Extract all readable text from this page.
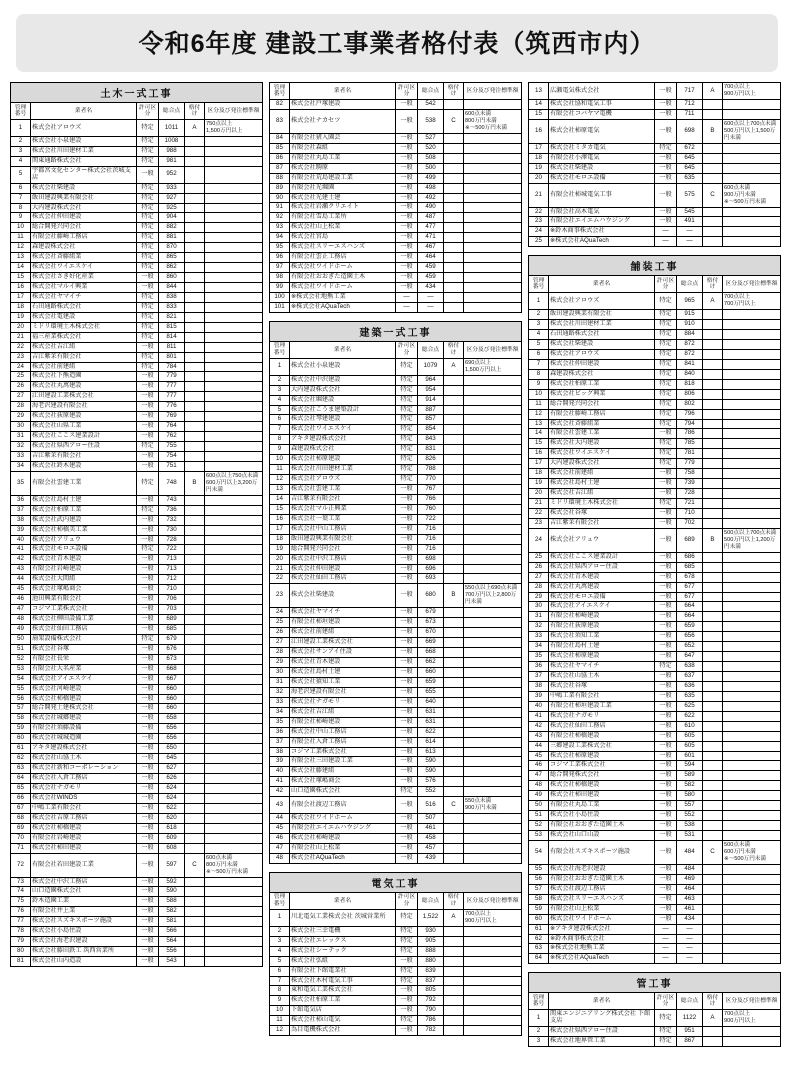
令和6年度 建設工事業者格付表（筑西市内）
土木一式工事
管理番号	業者名	許可区分	総合点	格付け	区分及び発注標準額
1	株式会社アロウズ	特定	1011	A	750点以上
1,500万円以上
2	株式会社小泉建設	特定	1008		
3	株式会社川田建材工業	特定	988		
4	関東通路株式会社	特定	981		
5	宇都宮文化センター株式会社茨城支店	一般	952		
6	株式会社柴建設	特定	933		
7	飯田建設興業有限会社	特定	927		
8	大内建設株式会社	特定	925		
9	株式会社仲田建設	特定	904		
10	総合開発兴同会社	特定	882		
11	有限会社藤崎工務店	特定	881		
12	森建設株式会社	特定	870		
13	株式会社斉藤組業	特定	865		
14	株式会社ワイエスケイ	特定	862		
15	株式会社さき好化産業	一般	860		
16	株式会社マルイ興業	一般	844		
17	株式会社ヤマイチ	特定	838		
18	石田通路株式会社	特定	833		
19	株式会社電建設	特定	821		
20	ミドリ環境土木株式会社	特定	815		
21	福三産業株式会社	特定	814		
22	株式会社吉江組	一般	811		
23	吉江紫茉有限会社	特定	801		
24	株式会社前建組	特定	784		
25	株式会社下熊造園	一般	779		
26	株式会社丸萬建設	一般	777		
27	江田建設工業株式会社	一般	777		
28	海老沢建設有限会社	一般	776		
29	株式会社荻原建設	一般	769		
30	株式会社山県工業	一般	764		
31	株式会社ここス建業設計	一般	762		
32	株式会社県西アロー住設	特定	755		
33	吉江紫茉有限会社	一般	754		
34	株式会社鈴木建設	一般	751		
35	有限会社雲建工業	特定	748	B	600点以上750点未満
600万円以上3,200万円未満
36	株式会社島村土建	一般	743		
37	株式会社柏原工業	特定	736		
38	株式会社武内建設	一般	732		
39	株式会社柿橋美工業	一般	730		
40	株式会社アリュウ	一般	728		
41	株式会社モロエ設備	特定	722		
42	株式会社青木建設	一般	713		
43	有限会社岩崎建設	一般	713		
44	株式会社大間組	一般	712		
45	株式会社塚嶋商会	一般	710		
46	池田興業有限会社	一般	706		
47	コジマ工業株式会社	一般	703		
48	株式会社柳田設備工業	一般	689		
49	株式会社仙田工務店	一般	685		
50	扇架設備株式会社	特定	679		
51	株式会社谷塚	一般	676		
52	有限会社長栄	一般	673		
53	有限会社大名産業	一般	668		
54	株式会社アイエスケイ	一般	667		
55	株式会社河崎建設	一般	660		
56	株式会社柿橋建設	一般	660		
57	総合開発土建株式会社	一般	660		
58	株式会社城郷建設	一般	658		
59	有限会社須藤設備	一般	656		
60	株式会社城城造園	一般	656		
61	アキタ建設株式会社	一般	650		
62	株式会社山協土木	一般	645		
63	株式会社新和コーポレーション	一般	627		
64	株式会社入倉工務店	一般	626		
65	株式会社ナガモリ	一般	624		
66	株式会社WINDS	一般	624		
67	中嶋工業有限会社	一般	622		
68	株式会社吉原工務店	一般	620		
69	株式会社柿橋建設	一般	618		
70	有限会社岩崎建設	一般	609		
71	株式会社柿田建設	一般	608		
72	有限会社若田建設工業	一般	597	C	600点未満
800万円未満
※～500万円未満
73	株式会社中沢工務店	一般	592		
74	山口造園株式会社	一般	590		
75	鈴木造園工業	一般	588		
76	有限会社井上業	一般	582		
77	株式会社スズキスポーツ施設	一般	581		
78	株式会社小島住設	一般	566		
79	株式会社海老沢建設	一般	564		
80	株式会社藤田鉄工 筑西営業所	一般	556		
81	株式会社山内造設	一般	543		
管理番号	業者名	許可区分	総合点	格付け	区分及び発注標準額
82	株式会社戸塚建設	一般	542		
83	株式会社ナカセツ	一般	538	C	600点未満
800万円未満
※～500万円未満
84	有限会社猪入園芸	一般	527		
85	有限会社森組	一般	520		
86	有限会社丸島工業	一般	508		
87	株式会社駒原	一般	500		
88	有限会社荒島建設工業	一般	499		
89	有限会社光堀園	一般	498		
90	株式会社光建土建	一般	492		
91	株式会社岩瀬クリエイト	一般	490		
92	有限会社雪島工業所	一般	487		
93	株式会社山上松業	一般	477		
94	株式会社宮島	一般	471		
95	株式会社スリーエスハンズ	一般	467		
96	有限会社雲正工務店	一般	464		
97	株式会社ワイドホーム	一般	459		
98	有限会社おおぎた造園土木	一般	459		
99	株式会社ワイドホーム	一般	434		
100	※株式会社地熊工業	―	―		
101	※株式会社AQuaTech	―	―		
建築一式工事
管理番号	業者名	許可区分	総合点	格付け	区分及び発注標準額
1	株式会社小泉建設	特定	1079	A	690点以上
1,500万円以上
2	株式会社中沢建設	特定	964		
3	大内建設株式会社	特定	954		
4	株式会社堀建設	特定	914		
5	株式会社こうま建築設計	特定	887		
6	株式会社琴建建設	特定	857		
7	株式会社ワイエスケイ	特定	854		
8	アキタ建設株式会社	特定	843		
9	森建設株式会社	特定	831		
10	株式会社柿原建設	特定	826		
11	株式会社川田建材工業	特定	788		
12	株式会社アロウズ	特定	770		
13	株式会社雲建工業	一般	767		
14	吉江紫茉有限会社	一般	766		
15	株式会社マル正興業	一般	760		
16	株式会社一葉工業	一般	722		
17	株式会社中山工務店	一般	716		
18	飯田建設興業有限会社	一般	716		
19	総合開発兴同会社	一般	716		
20	株式会社中沢工務店	一般	698		
21	株式会社仲田建設	一般	696		
22	株式会社仙田工務店	一般	693		
23	株式会社柴建設	一般	680	B	550点以上690点未満
700万円以上2,800万円未満
24	株式会社ヤマイチ	一般	679		
25	有限会社柿垣建設	一般	673		
26	株式会社前建組	一般	670		
27	江田建設工業株式会社	一般	669		
28	株式会社サンアイ住設	一般	668		
29	株式会社青木建設	一般	662		
30	株式会社島村土建	一般	660		
31	株式会社猿知工業	一般	659		
32	海老沢建設有限会社	一般	655		
33	株式会社ナガモリ	一般	640		
34	株式会社吉江組	一般	631		
35	有限会社柿崎建設	一般	631		
36	株式会社中山工務店	一般	622		
37	有限会社入倉工務店	一般	614		
38	コジマ工業株式会社	一般	613		
39	有限会社三田建設工業	一般	590		
40	株式会社藤建組	一般	590		
41	株式会社塚嶋商会	一般	576		
42	山口造園株式会社	特定	552		
43	有限会社渡辺工務店	一般	516	C	550点未満
900万円未満
44	株式会社ワイドホーム	一般	507		
45	有限会社エイエムハウジング	一般	461		
46	株式会社柿崎建設	一般	458		
47	有限会社山上松業	一般	457		
48	株式会社AQuaTech	一般	439		
電気工事
管理番号	業者名	許可区分	総合点	格付け	区分及び発注標準額
1	川北電気工業株式会社 茨城営業所	特定	1,522	A	700点以上
900万円以上
2	株式会社三幸電機	特定	930		
3	株式会社エレックス	特定	905		
4	株式会社シーテック	特定	888		
5	株式会社弘組	一般	880		
6	有限会社下館電業社	特定	839		
7	株式会社木村電気工事	特定	837		
8	東和電気工業株式会社	一般	805		
9	株式会社柏原工業	一般	792		
10	下館電気店	一般	790		
11	株式会社柿山電気	特定	786		
12	為目電機株式会社	一般	782		
13	広瀬電気株式会社	一般	717	A	700点以上
900万円以上
14	株式会社協和電気工事	一般	712		
15	有限会社コバヤマ電機	一般	711		
16	株式会社柿原電気	一般	698	B	600点以上700点未満
500万円以上1,500万円未満
17	株式会社ミタカ電気	特定	672		
18	有限会社小澤電気	一般	645		
19	株式会社柴建設	一般	645		
20	株式会社モロエ設備	一般	635		
21	有限会社柿城電気工事	一般	575	C	600点未満
900万円未満
※～500万円未満
22	有限会社高木電気	一般	545		
23	有限会社エイエムハウジング	一般	491		
24	※鈴木商事株式会社	―	―		
25	※株式会社AQuaTech	―	―		
舗装工事
管理番号	業者名	許可区分	総合点	格付け	区分及び発注標準額
1	株式会社アロウズ	特定	965	A	700点以上
700万円以上
2	飯田建設興業有限会社	特定	915		
3	株式会社川田建材工業	特定	910		
4	石田通路株式会社	特定	884		
5	株式会社柴建設	特定	872		
6	株式会社アロウズ	特定	872		
7	株式会社仲田建設	特定	841		
8	森建設株式会社	特定	840		
9	株式会社柏原工業	特定	818		
10	株式会社ビッグ興業	特定	806		
11	総合開発兴同会社	特定	802		
12	有限会社藤崎工務店	特定	796		
13	株式会社斉藤組業	特定	794		
14	有限会社雲建工業	一般	786		
15	株式会社大内建設	特定	785		
16	株式会社ワイエスケイ	特定	781		
17	大内建設株式会社	特定	779		
18	株式会社前建組	一般	758		
19	株式会社島村土建	一般	739		
20	株式会社吉江組	一般	728		
21	ミドリ環境土木株式会社	特定	721		
22	株式会社谷塚	一般	710		
23	吉江紫茉有限会社	一般	702		
24	株式会社アリュウ	一般	689	B	500点以上700点未満
500万円以上1,200万円未満
25	株式会社ここス建業設計	一般	686		
26	株式会社県西アロー住設	一般	685		
27	株式会社青木建設	一般	678		
28	株式会社丸萬建設	一般	677		
29	株式会社モロエ設備	一般	677		
30	株式会社アイエスケイ	一般	664		
31	有限会社柿崎建設	一般	664		
32	有限会社荻原建設	一般	659		
33	株式会社須知工業	一般	656		
34	有限会社島村土建	一般	652		
35	株式会社柿原建設	一般	647		
36	株式会社ヤマイチ	特定	638		
37	株式会社山協土木	一般	637		
38	株式会社谷塚	一般	636		
39	中嶋工業有限会社	一般	635		
40	有限会社柿垣建設工業	一般	625		
41	株式会社ナガモリ	一般	622		
42	株式会社仙田工務店	一般	610		
43	有限会社柿橋建設	一般	605		
44	三郷建設工業株式会社	一般	605		
45	株式会社柿原建設	一般	601		
46	コジマ工業株式会社	一般	594		
47	総合開発株式会社	一般	589		
48	株式会社柿橋建設	一般	582		
49	株式会社柿田建設	一般	580		
50	有限会社丸島工業	一般	557		
51	株式会社小島住設	一般	552		
52	有限会社おおぎた造園土木	一般	538		
53	株式会社山口山設	一般	531		
54	有限会社スズキスポーツ施設	一般	484	C	500点未満
600万円未満
※～500万円未満
55	株式会社海老沢建設	一般	484		
56	有限会社おおぎた造園土木	一般	469		
57	株式会社渡辺工務店	一般	464		
58	株式会社スリーエスハンズ	一般	463		
59	有限会社山上松業	一般	461		
60	株式会社ワイドホーム	一般	434		
61	※アキタ建設株式会社	―	―		
62	※鈴木商事株式会社	―	―		
63	※株式会社地熊工業	―	―		
64	※株式会社AQuaTech	―	―		
管工事
管理番号	業者名	許可区分	総合点	格付け	区分及び発注標準額
1	関東エンジニアリング株式会社 下館支店	特定	1122	A	700点以上
900万円以上
2	株式会社県西アロー住設	特定	951		
3	株式会社地界管工業	特定	867		
